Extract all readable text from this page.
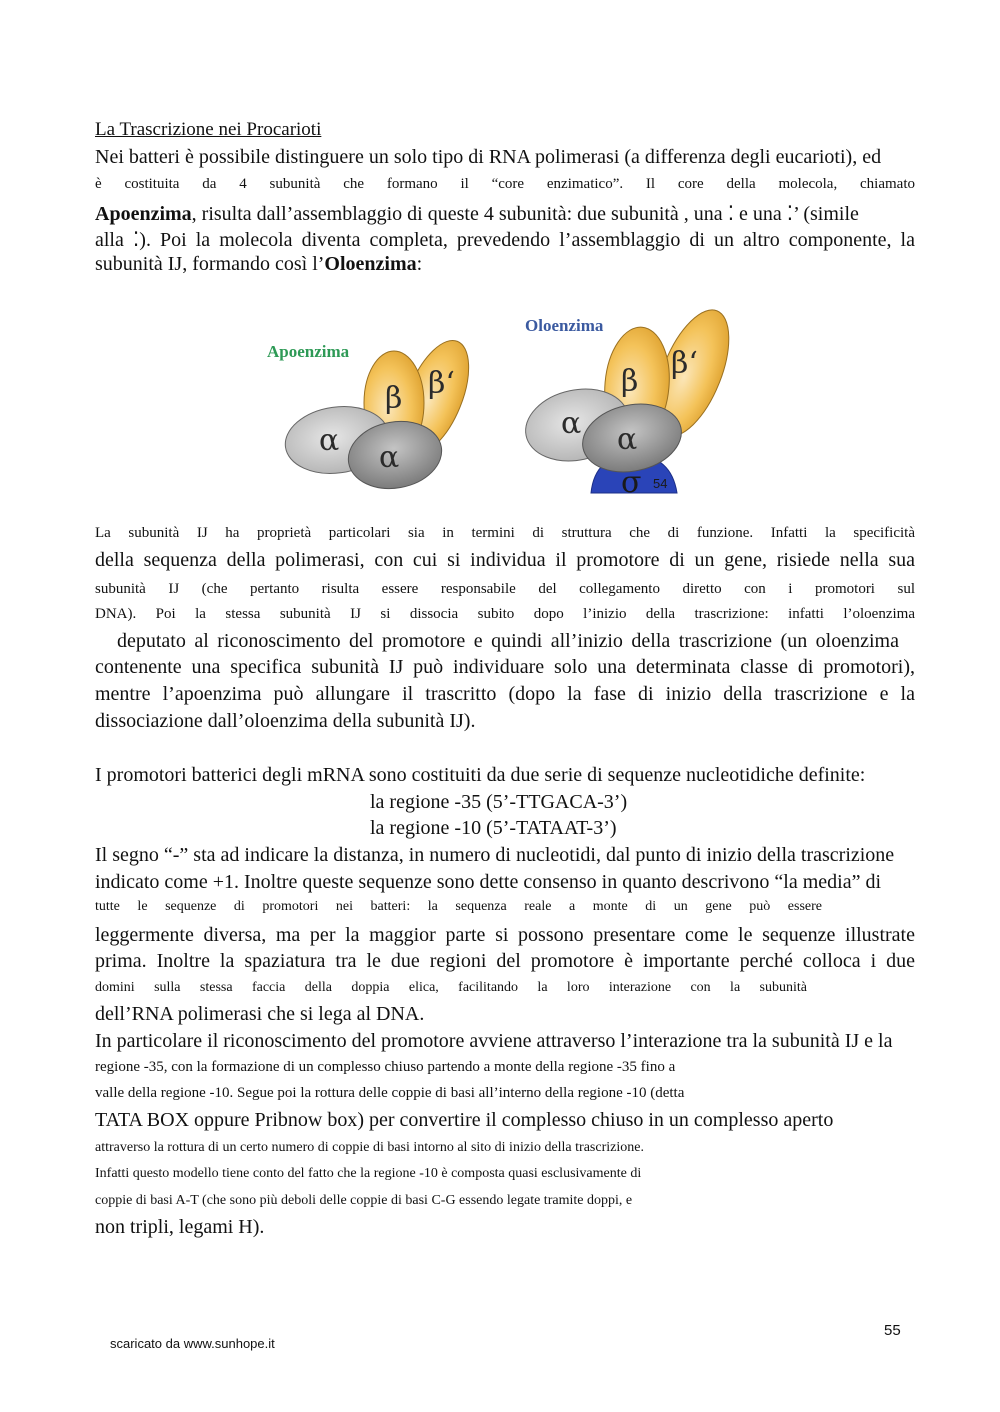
La Trascrizione nei Procarioti
Nei batteri è possibile distinguere un solo tipo di RNA polimerasi (a differenza degli eucarioti), ed
è costituita da 4 subunità che formano il “core enzimatico”. Il core della molecola, chiamato
Apoenzima, risulta dall’assemblaggio di queste 4 subunità: due subunità , una ⁚ e una ⁚’ (simile
alla ⁚). Poi la molecola diventa completa, prevedendo l’assemblaggio di un altro componente, la
subunità IJ, formando così l’Oloenzima:
Apoenzima
β β‘
α α
Oloenzima
β
β‘
α α
σ 54
La subunità IJ ha proprietà particolari sia in termini di struttura che di funzione. Infatti la specificità
della sequenza della polimerasi, con cui si individua il promotore di un gene, risiede nella sua
subunità IJ (che pertanto risulta essere responsabile del collegamento diretto con i promotori sul
DNA). Poi la stessa subunità IJ si dissocia subito dopo l’inizio della trascrizione: infatti l’oloenzima
deputato al riconoscimento del promotore e quindi all’inizio della trascrizione (un oloenzima
contenente una specifica subunità IJ può individuare solo una determinata classe di promotori),
mentre l’apoenzima può allungare il trascritto (dopo la fase di inizio della trascrizione e la
dissociazione dall’oloenzima della subunità IJ).
I promotori batterici degli mRNA sono costituiti da due serie di sequenze nucleotidiche definite:
la regione -35 (5’-TTGACA-3’)
la regione -10 (5’-TATAAT-3’)
Il segno “-” sta ad indicare la distanza, in numero di nucleotidi, dal punto di inizio della trascrizione
indicato come +1. Inoltre queste sequenze sono dette consenso in quanto descrivono “la media” di
tutte le sequenze di promotori nei batteri: la sequenza reale a monte di un gene può essere
leggermente diversa, ma per la maggior parte si possono presentare come le sequenze illustrate
prima. Inoltre la spaziatura tra le due regioni del promotore è importante perché colloca i due
domini sulla stessa faccia della doppia elica, facilitando la loro interazione con la subunità
dell’RNA polimerasi che si lega al DNA.
In particolare il riconoscimento del promotore avviene attraverso l’interazione tra la subunità IJ e la
regione -35, con la formazione di un complesso chiuso partendo a monte della regione -35 fino a
valle della regione -10. Segue poi la rottura delle coppie di basi all’interno della regione -10 (detta
TATA BOX oppure Pribnow box) per convertire il complesso chiuso in un complesso aperto
attraverso la rottura di un certo numero di coppie di basi intorno al sito di inizio della trascrizione.
Infatti questo modello tiene conto del fatto che la regione -10 è composta quasi esclusivamente di
coppie di basi A-T (che sono più deboli delle coppie di basi C-G essendo legate tramite doppi, e
non tripli, legami H).
55
scaricato da www.sunhope.it
